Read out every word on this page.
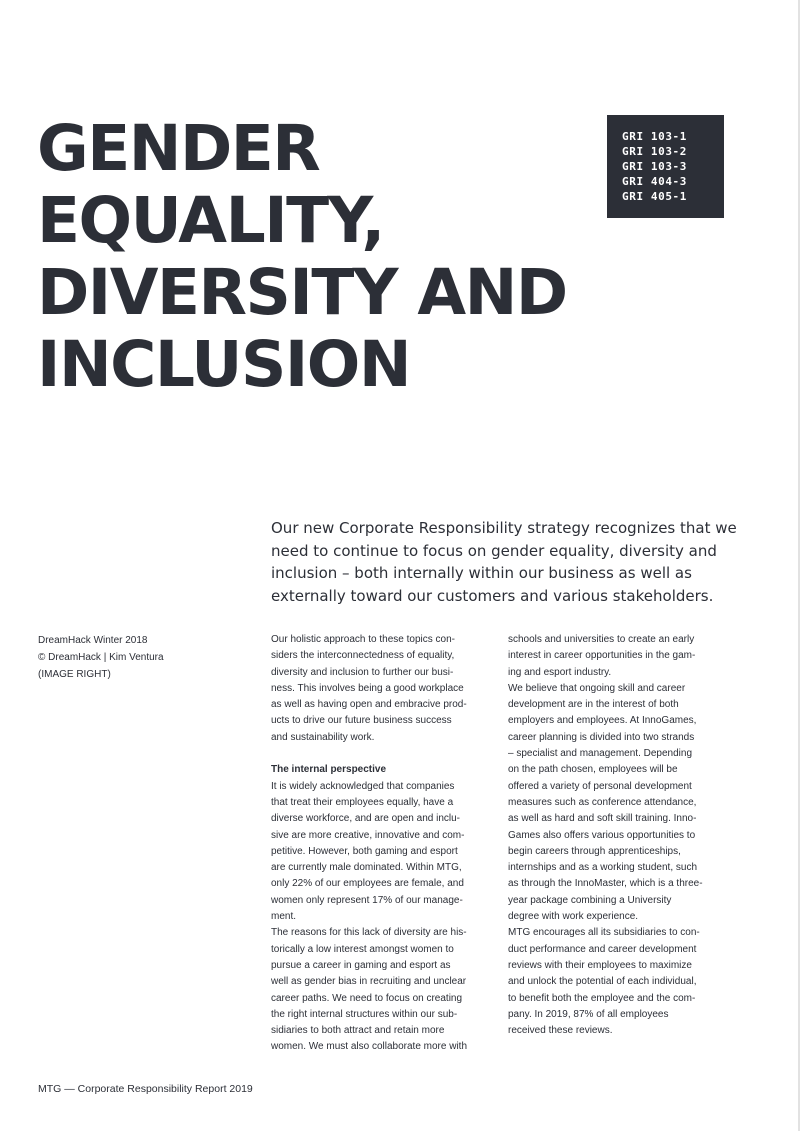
GENDER
EQUALITY,
DIVERSITY AND
INCLUSION
GRI 103-1
GRI 103-2
GRI 103-3
GRI 404-3
GRI 405-1

Our new Corporate Responsibility strategy recognizes that we
need to continue to focus on gender equality, diversity and
inclusion – both internally within our business as well as
externally toward our customers and various stakeholders.

DreamHack Winter 2018
© DreamHack | Kim Ventura
(IMAGE RIGHT)
Our holistic approach to these topics con-
siders the interconnectedness of equality,
diversity and inclusion to further our busi-
ness. This involves being a good workplace
as well as having open and embracive prod-
ucts to drive our future business success
and sustainability work.
The internal perspective
It is widely acknowledged that companies
that treat their employees equally, have a
diverse workforce, and are open and inclu-
sive are more creative, innovative and com-
petitive. However, both gaming and esport
are currently male dominated. Within MTG,
only 22% of our employees are female, and
women only represent 17% of our manage-
ment.
The reasons for this lack of diversity are his-
torically a low interest amongst women to
pursue a career in gaming and esport as
well as gender bias in recruiting and unclear
career paths. We need to focus on creating
the right internal structures within our sub-
sidiaries to both attract and retain more
women. We must also collaborate more with
schools and universities to create an early
interest in career opportunities in the gam-
ing and esport industry.
We believe that ongoing skill and career
development are in the interest of both
employers and employees. At InnoGames,
career planning is divided into two strands
– specialist and management. Depending
on the path chosen, employees will be
offered a variety of personal development
measures such as conference attendance,
as well as hard and soft skill training. Inno-
Games also offers various opportunities to
begin careers through apprenticeships,
internships and as a working student, such
as through the InnoMaster, which is a three-
year package combining a University
degree with work experience.
MTG encourages all its subsidiaries to con-
duct performance and career development
reviews with their employees to maximize
and unlock the potential of each individual,
to benefit both the employee and the com-
pany. In 2019, 87% of all employees
received these reviews.
MTG — Corporate Responsibility Report 2019
